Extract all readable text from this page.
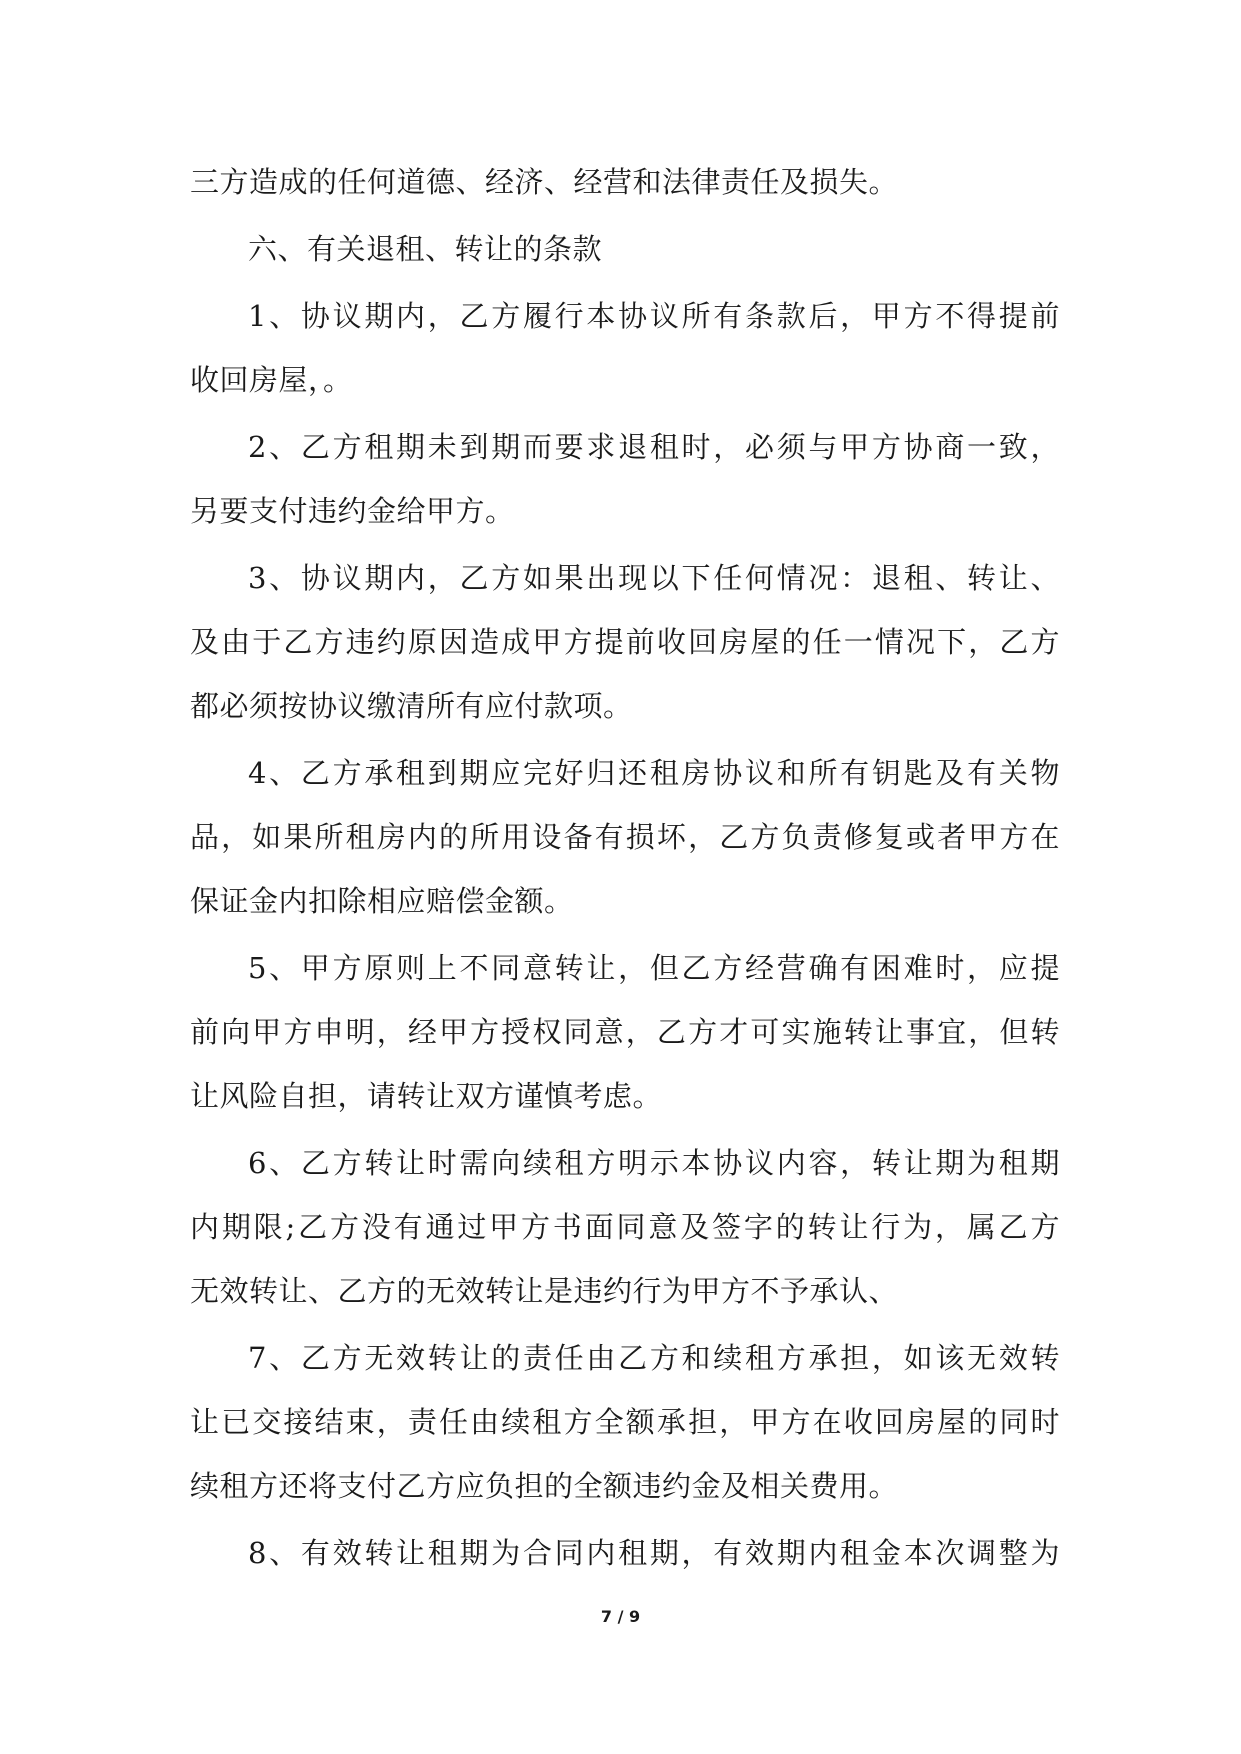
三方造成的任何道德、经济、经营和法律责任及损失。
六、有关退租、转让的条款
1、协议期内，乙方履行本协议所有条款后，甲方不得提前
收回房屋，。
2、乙方租期未到期而要求退租时，必须与甲方协商一致，
另要支付违约金给甲方。
3、协议期内，乙方如果出现以下任何情况：退租、转让、
及由于乙方违约原因造成甲方提前收回房屋的任一情况下，乙方
都必须按协议缴清所有应付款项。
4、乙方承租到期应完好归还租房协议和所有钥匙及有关物
品，如果所租房内的所用设备有损坏，乙方负责修复或者甲方在
保证金内扣除相应赔偿金额。
5、甲方原则上不同意转让，但乙方经营确有困难时，应提
前向甲方申明，经甲方授权同意，乙方才可实施转让事宜，但转
让风险自担，请转让双方谨慎考虑。
6、乙方转让时需向续租方明示本协议内容，转让期为租期
内期限;乙方没有通过甲方书面同意及签字的转让行为，属乙方
无效转让、乙方的无效转让是违约行为甲方不予承认、
7、乙方无效转让的责任由乙方和续租方承担，如该无效转
让已交接结束，责任由续租方全额承担，甲方在收回房屋的同时
续租方还将支付乙方应负担的全额违约金及相关费用。
8、有效转让租期为合同内租期，有效期内租金本次调整为
7 / 9
